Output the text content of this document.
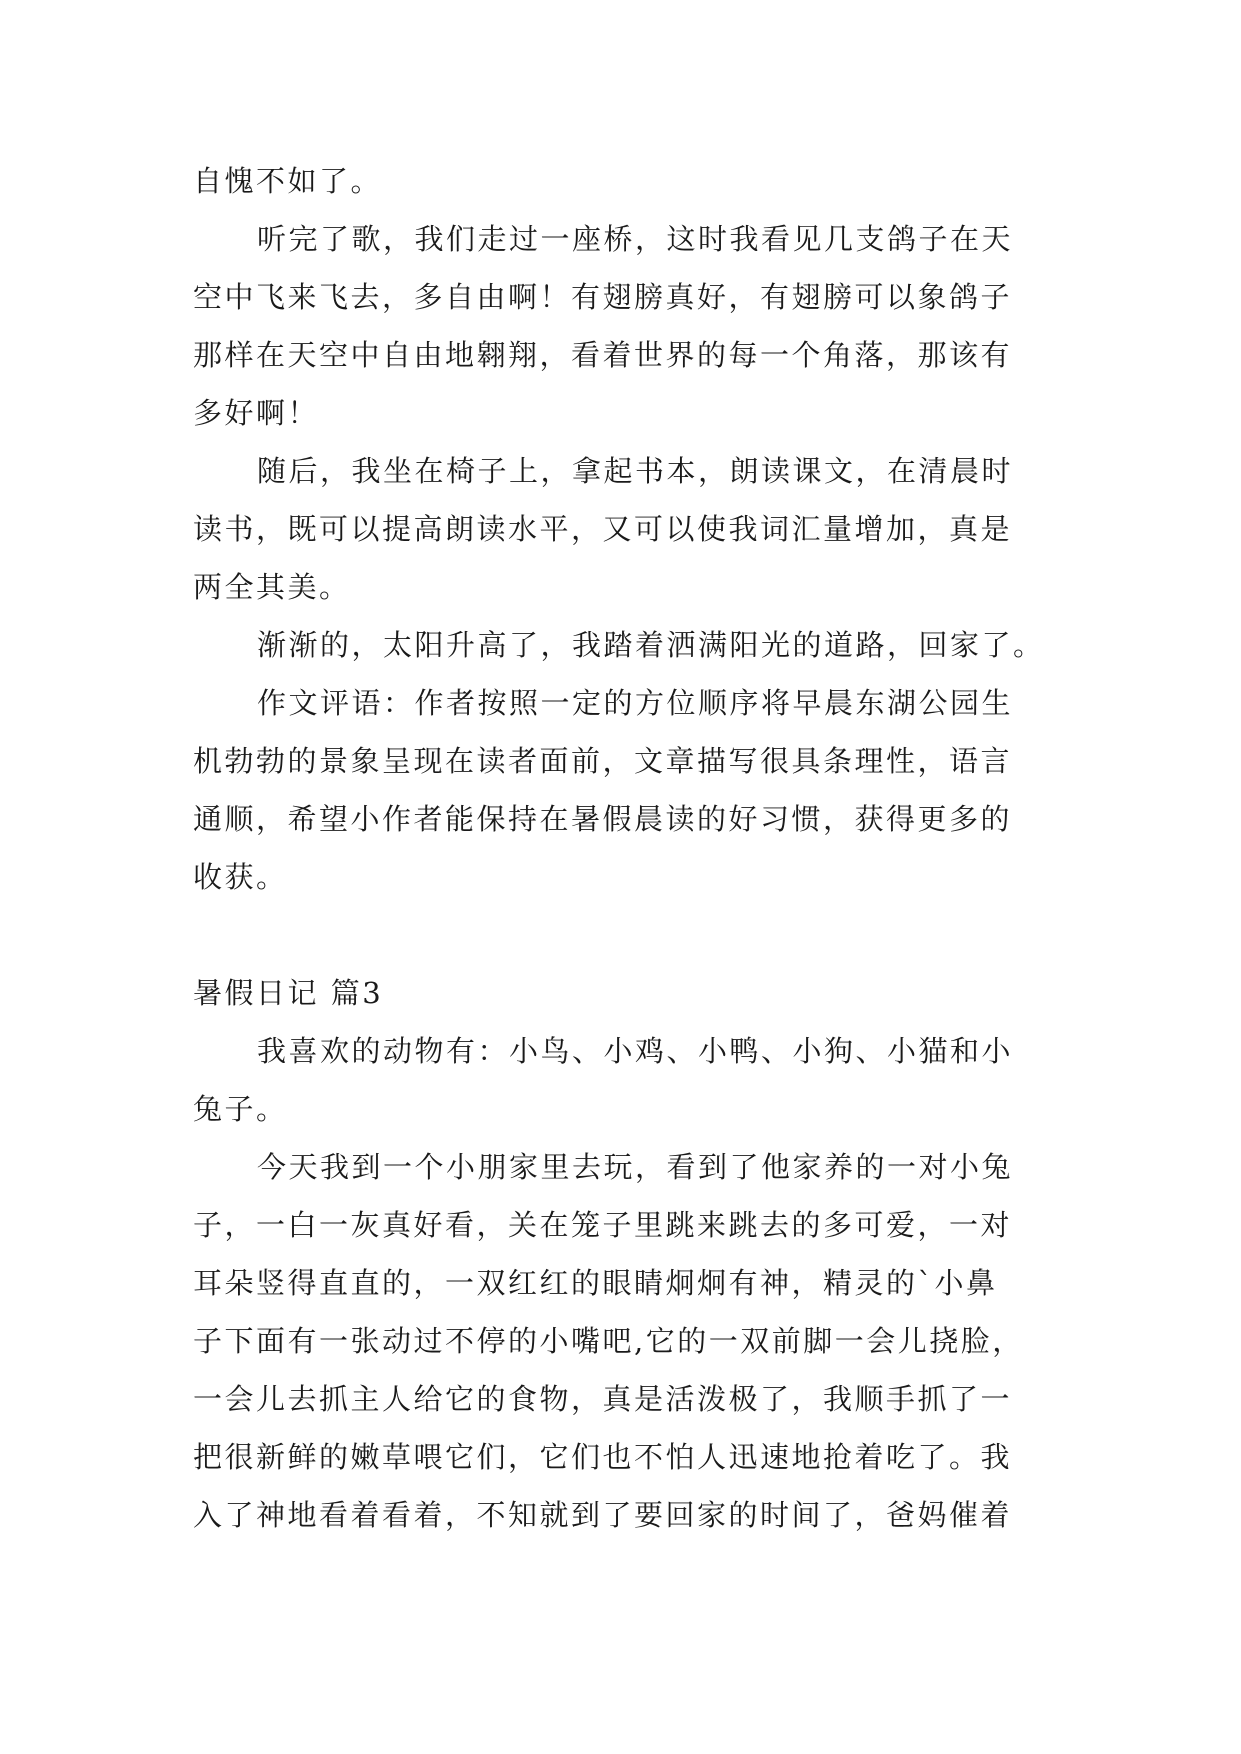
自愧不如了。
听完了歌，我们走过一座桥，这时我看见几支鸽子在天
空中飞来飞去，多自由啊！有翅膀真好，有翅膀可以象鸽子
那样在天空中自由地翱翔，看着世界的每一个角落，那该有
多好啊！
随后，我坐在椅子上，拿起书本，朗读课文，在清晨时
读书，既可以提高朗读水平，又可以使我词汇量增加，真是
两全其美。
渐渐的，太阳升高了，我踏着洒满阳光的道路，回家了。
作文评语：作者按照一定的方位顺序将早晨东湖公园生
机勃勃的景象呈现在读者面前，文章描写很具条理性，语言
通顺，希望小作者能保持在暑假晨读的好习惯，获得更多的
收获。
暑假日记 篇3
我喜欢的动物有：小鸟、小鸡、小鸭、小狗、小猫和小
兔子。
今天我到一个小朋家里去玩，看到了他家养的一对小兔
子，一白一灰真好看，关在笼子里跳来跳去的多可爱，一对
耳朵竖得直直的，一双红红的眼睛炯炯有神，精灵的`小鼻
子下面有一张动过不停的小嘴吧,它的一双前脚一会儿挠脸，
一会儿去抓主人给它的食物，真是活泼极了，我顺手抓了一
把很新鲜的嫩草喂它们，它们也不怕人迅速地抢着吃了。我
入了神地看着看着，不知就到了要回家的时间了，爸妈催着
